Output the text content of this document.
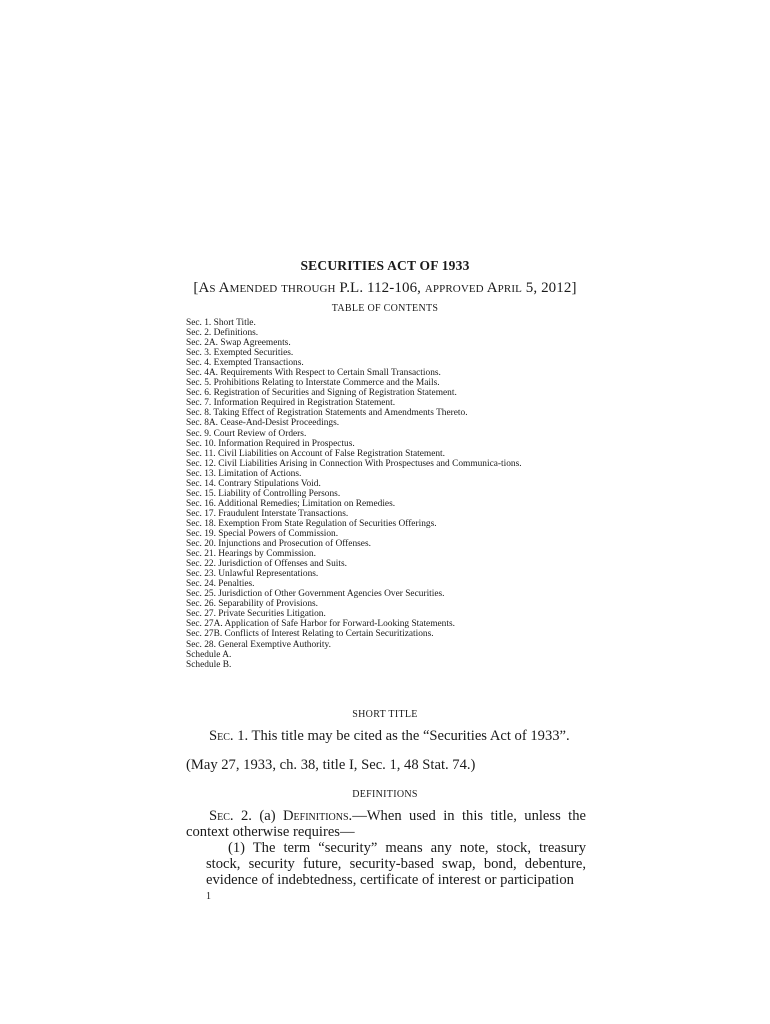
SECURITIES ACT OF 1933
[As Amended through P.L. 112-106, approved April 5, 2012]
TABLE OF CONTENTS
Sec. 1. Short Title.
Sec. 2. Definitions.
Sec. 2A. Swap Agreements.
Sec. 3. Exempted Securities.
Sec. 4. Exempted Transactions.
Sec. 4A. Requirements With Respect to Certain Small Transactions.
Sec. 5. Prohibitions Relating to Interstate Commerce and the Mails.
Sec. 6. Registration of Securities and Signing of Registration Statement.
Sec. 7. Information Required in Registration Statement.
Sec. 8. Taking Effect of Registration Statements and Amendments Thereto.
Sec. 8A. Cease-And-Desist Proceedings.
Sec. 9. Court Review of Orders.
Sec. 10. Information Required in Prospectus.
Sec. 11. Civil Liabilities on Account of False Registration Statement.
Sec. 12. Civil Liabilities Arising in Connection With Prospectuses and Communica-tions.
Sec. 13. Limitation of Actions.
Sec. 14. Contrary Stipulations Void.
Sec. 15. Liability of Controlling Persons.
Sec. 16. Additional Remedies; Limitation on Remedies.
Sec. 17. Fraudulent Interstate Transactions.
Sec. 18. Exemption From State Regulation of Securities Offerings.
Sec. 19. Special Powers of Commission.
Sec. 20. Injunctions and Prosecution of Offenses.
Sec. 21. Hearings by Commission.
Sec. 22. Jurisdiction of Offenses and Suits.
Sec. 23. Unlawful Representations.
Sec. 24. Penalties.
Sec. 25. Jurisdiction of Other Government Agencies Over Securities.
Sec. 26. Separability of Provisions.
Sec. 27. Private Securities Litigation.
Sec. 27A. Application of Safe Harbor for Forward-Looking Statements.
Sec. 27B. Conflicts of Interest Relating to Certain Securitizations.
Sec. 28. General Exemptive Authority.
Schedule A.
Schedule B.
SHORT TITLE
Sec. 1. This title may be cited as the “Securities Act of 1933”.
(May 27, 1933, ch. 38, title I, Sec. 1, 48 Stat. 74.)
DEFINITIONS
Sec. 2. (a) Definitions.—When used in this title, unless the context otherwise requires—
(1) The term “security” means any note, stock, treasury stock, security future, security-based swap, bond, debenture, evidence of indebtedness, certificate of interest or participation
1
